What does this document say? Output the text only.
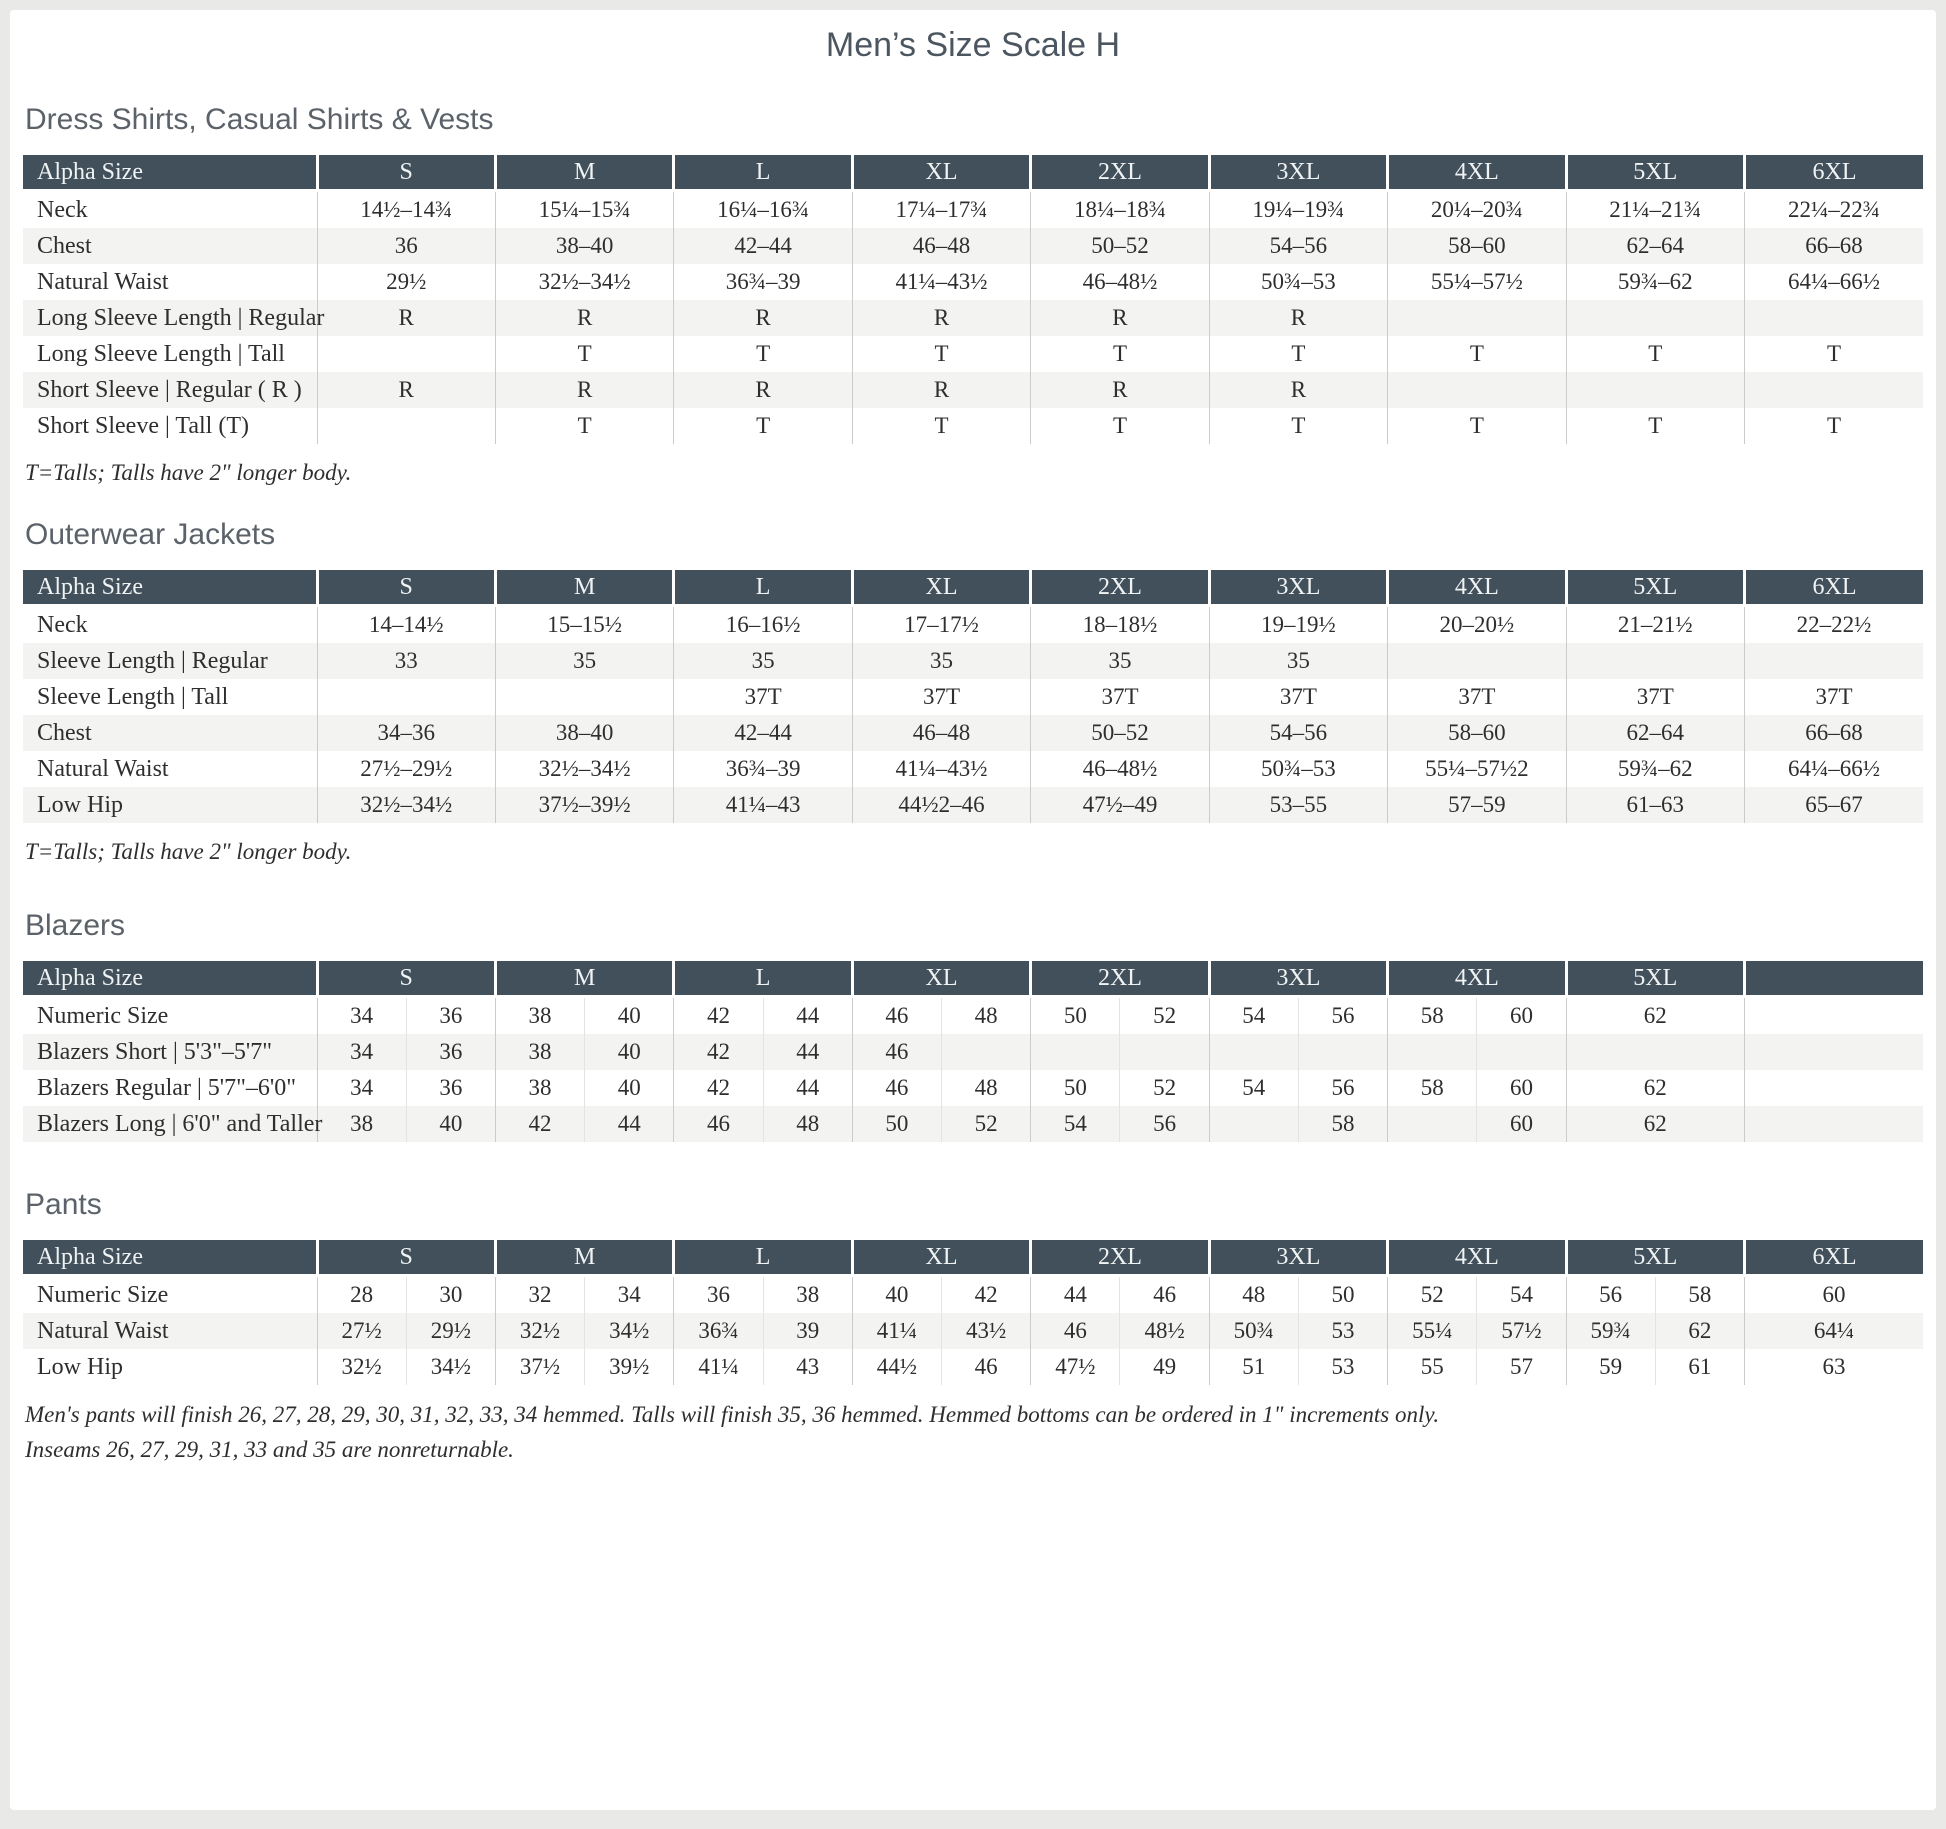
Men’s Size Scale H
Dress Shirts, Casual Shirts & Vests
Alpha Size	S	M	L	XL	2XL	3XL	4XL	5XL	6XL
Neck	14½–14¾	15¼–15¾	16¼–16¾	17¼–17¾	18¼–18¾	19¼–19¾	20¼–20¾	21¼–21¾	22¼–22¾
Chest	36	38–40	42–44	46–48	50–52	54–56	58–60	62–64	66–68
Natural Waist	29½	32½–34½	36¾–39	41¼–43½	46–48½	50¾–53	55¼–57½	59¾–62	64¼–66½
Long Sleeve Length | Regular	R	R	R	R	R	R			
Long Sleeve Length | Tall		T	T	T	T	T	T	T	T
Short Sleeve | Regular ( R )	R	R	R	R	R	R			
Short Sleeve | Tall (T)		T	T	T	T	T	T	T	T

T=Talls; Talls have 2" longer body.

Outerwear Jackets
Alpha Size	S	M	L	XL	2XL	3XL	4XL	5XL	6XL
Neck	14–14½	15–15½	16–16½	17–17½	18–18½	19–19½	20–20½	21–21½	22–22½
Sleeve Length | Regular	33	35	35	35	35	35			
Sleeve Length | Tall			37T	37T	37T	37T	37T	37T	37T
Chest	34–36	38–40	42–44	46–48	50–52	54–56	58–60	62–64	66–68
Natural Waist	27½–29½	32½–34½	36¾–39	41¼–43½	46–48½	50¾–53	55¼–57½2	59¾–62	64¼–66½
Low Hip	32½–34½	37½–39½	41¼–43	44½2–46	47½–49	53–55	57–59	61–63	65–67

T=Talls; Talls have 2" longer body.

Blazers
Alpha Size	S		M		L		XL		2XL		3XL		4XL		5XL	
Numeric Size	34	36	38	40	42	44	46	48	50	52	54	56	58	60	62	
Blazers Short | 5'3"–5'7"	34	36	38	40	42	44	46									
Blazers Regular | 5'7"–6'0"	34	36	38	40	42	44	46	48	50	52	54	56	58	60	62	
Blazers Long | 6'0" and Taller	38	40	42	44	46	48	50	52	54	56		58		60	62	
Pants
Alpha Size	S		M		L		XL		2XL		3XL		4XL		5XL		6XL
Numeric Size	28	30	32	34	36	38	40	42	44	46	48	50	52	54	56	58	60
Natural Waist	27½	29½	32½	34½	36¾	39	41¼	43½	46	48½	50¾	53	55¼	57½	59¾	62	64¼
Low Hip	32½	34½	37½	39½	41¼	43	44½	46	47½	49	51	53	55	57	59	61	63

Men's pants will finish 26, 27, 28, 29, 30, 31, 32, 33, 34 hemmed. Talls will finish 35, 36 hemmed. Hemmed bottoms can be ordered in 1" increments only.

Inseams 26, 27, 29, 31, 33 and 35 are nonreturnable.
